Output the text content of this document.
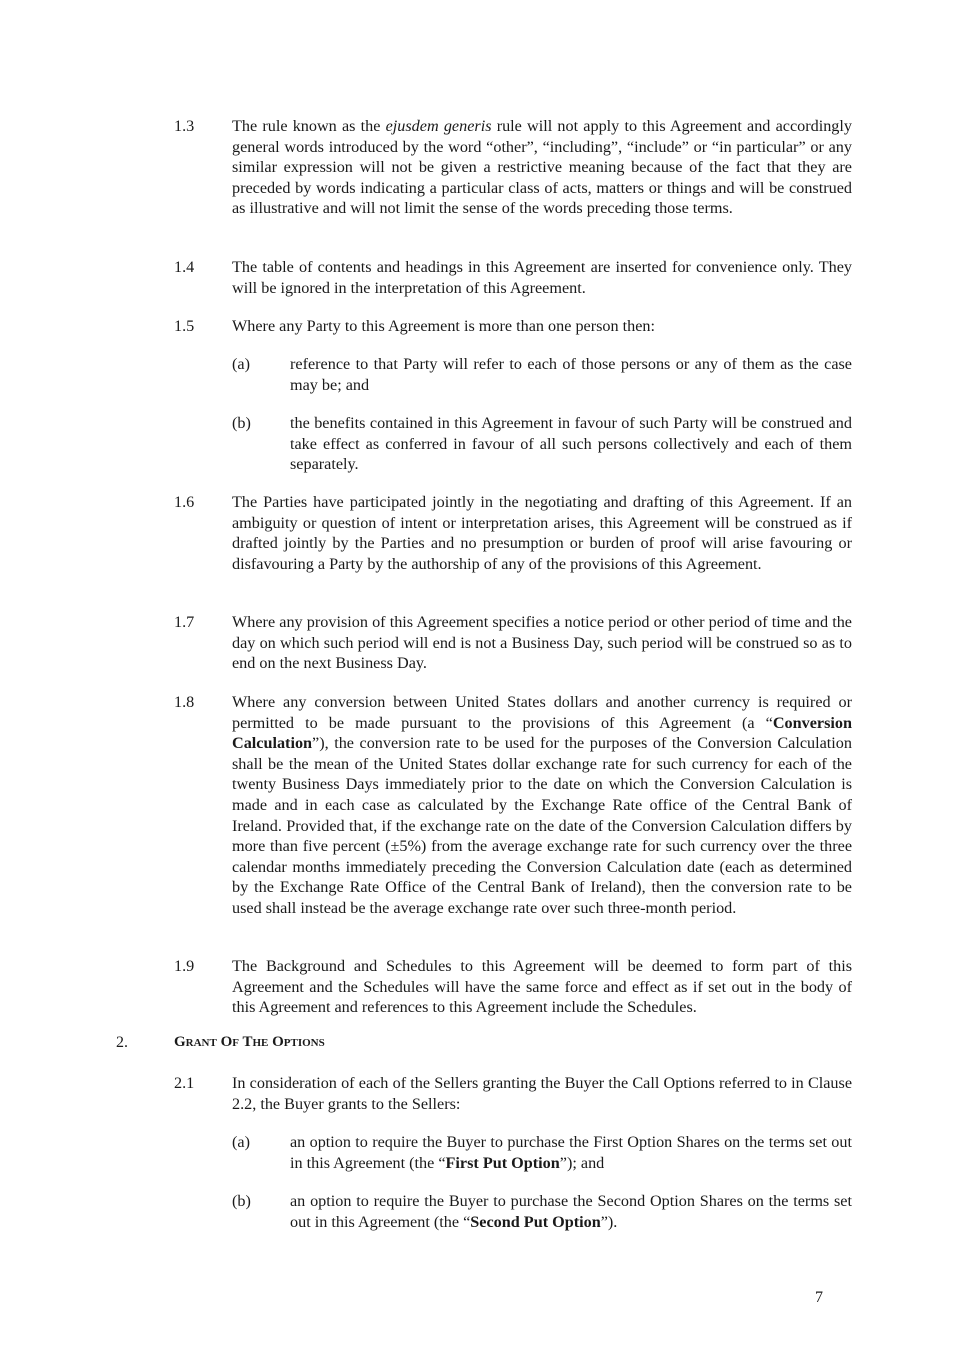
1.3 The rule known as the ejusdem generis rule will not apply to this Agreement and accordingly general words introduced by the word “other”, “including”, “include” or “in particular” or any similar expression will not be given a restrictive meaning because of the fact that they are preceded by words indicating a particular class of acts, matters or things and will be construed as illustrative and will not limit the sense of the words preceding those terms.
1.4 The table of contents and headings in this Agreement are inserted for convenience only. They will be ignored in the interpretation of this Agreement.
1.5 Where any Party to this Agreement is more than one person then:
(a) reference to that Party will refer to each of those persons or any of them as the case may be; and
(b) the benefits contained in this Agreement in favour of such Party will be construed and take effect as conferred in favour of all such persons collectively and each of them separately.
1.6 The Parties have participated jointly in the negotiating and drafting of this Agreement. If an ambiguity or question of intent or interpretation arises, this Agreement will be construed as if drafted jointly by the Parties and no presumption or burden of proof will arise favouring or disfavouring a Party by the authorship of any of the provisions of this Agreement.
1.7 Where any provision of this Agreement specifies a notice period or other period of time and the day on which such period will end is not a Business Day, such period will be construed so as to end on the next Business Day.
1.8 Where any conversion between United States dollars and another currency is required or permitted to be made pursuant to the provisions of this Agreement (a “Conversion Calculation”), the conversion rate to be used for the purposes of the Conversion Calculation shall be the mean of the United States dollar exchange rate for such currency for each of the twenty Business Days immediately prior to the date on which the Conversion Calculation is made and in each case as calculated by the Exchange Rate office of the Central Bank of Ireland. Provided that, if the exchange rate on the date of the Conversion Calculation differs by more than five percent (±5%) from the average exchange rate for such currency over the three calendar months immediately preceding the Conversion Calculation date (each as determined by the Exchange Rate Office of the Central Bank of Ireland), then the conversion rate to be used shall instead be the average exchange rate over such three-month period.
1.9 The Background and Schedules to this Agreement will be deemed to form part of this Agreement and the Schedules will have the same force and effect as if set out in the body of this Agreement and references to this Agreement include the Schedules.
2.	Grant Of The Options
2.1 In consideration of each of the Sellers granting the Buyer the Call Options referred to in Clause 2.2, the Buyer grants to the Sellers:
(a) an option to require the Buyer to purchase the First Option Shares on the terms set out in this Agreement (the “First Put Option”); and
(b) an option to require the Buyer to purchase the Second Option Shares on the terms set out in this Agreement (the “Second Put Option”).
7
